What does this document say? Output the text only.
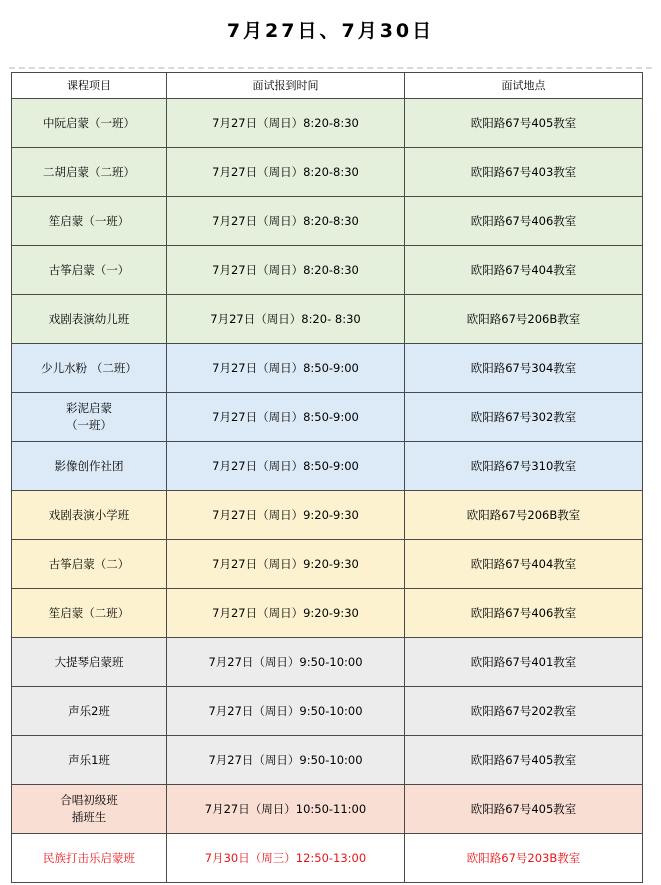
7月27日、7月30日
课程项目	面试报到时间	面试地点
中阮启蒙（一班）	7月27日（周日）8:20-8:30	欧阳路67号405教室
二胡启蒙（二班）	7月27日（周日）8:20-8:30	欧阳路67号403教室
笙启蒙（一班）	7月27日（周日）8:20-8:30	欧阳路67号406教室
古筝启蒙（一）	7月27日（周日）8:20-8:30	欧阳路67号404教室
戏剧表演幼儿班	7月27日（周日）8:20- 8:30	欧阳路67号206B教室
少儿水粉 （二班）	7月27日（周日）8:50-9:00	欧阳路67号304教室
彩泥启蒙
（一班）	7月27日（周日）8:50-9:00	欧阳路67号302教室
影像创作社团	7月27日（周日）8:50-9:00	欧阳路67号310教室
戏剧表演小学班	7月27日（周日）9:20-9:30	欧阳路67号206B教室
古筝启蒙（二）	7月27日（周日）9:20-9:30	欧阳路67号404教室
笙启蒙（二班）	7月27日（周日）9:20-9:30	欧阳路67号406教室
大提琴启蒙班	7月27日（周日）9:50-10:00	欧阳路67号401教室
声乐2班	7月27日（周日）9:50-10:00	欧阳路67号202教室
声乐1班	7月27日（周日）9:50-10:00	欧阳路67号405教室
合唱初级班
插班生	7月27日（周日）10:50-11:00	欧阳路67号405教室
民族打击乐启蒙班	7月30日（周三）12:50-13:00	欧阳路67号203B教室
